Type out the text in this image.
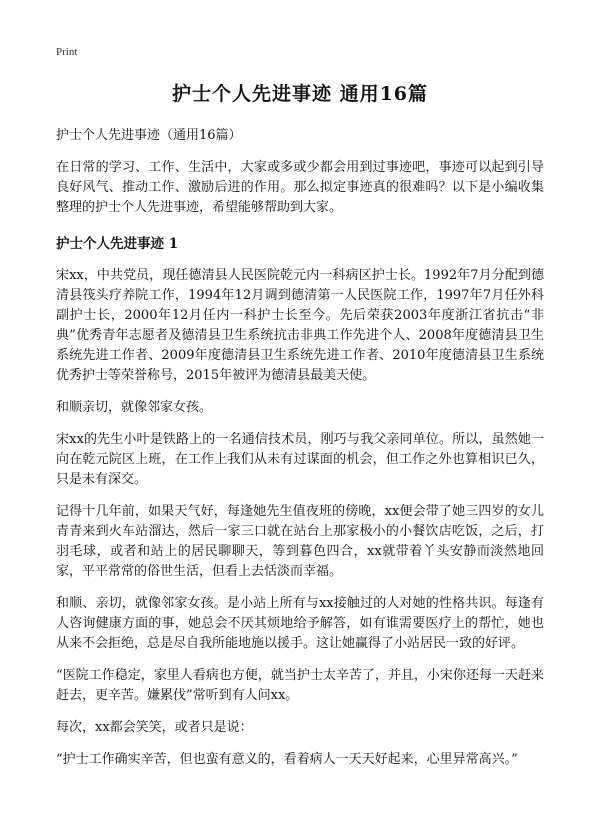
Print
护士个人先进事迹 通用16篇
护士个人先进事迹（通用16篇）

在日常的学习、工作、生活中，大家或多或少都会用到过事迹吧，事迹可以起到引导良好风气、推动工作、激励后进的作用。那么拟定事迹真的很难吗？以下是小编收集整理的护士个人先进事迹，希望能够帮助到大家。

护士个人先进事迹 1

宋xx，中共党员，现任德清县人民医院乾元内一科病区护士长。1992年7月分配到德清县筏头疗养院工作，1994年12月调到德清第一人民医院工作，1997年7月任外科副护士长，2000年12月任内一科护士长至今。先后荣获2003年度浙江省抗击“非典”优秀青年志愿者及德清县卫生系统抗击非典工作先进个人、2008年度德清县卫生系统先进工作者、2009年度德清县卫生系统先进工作者、2010年度德清县卫生系统优秀护士等荣誉称号，2015年被评为德清县最美天使。

和顺亲切，就像邻家女孩。

宋xx的先生小叶是铁路上的一名通信技术员，刚巧与我父亲同单位。所以，虽然她一向在乾元院区上班，在工作上我们从未有过谋面的机会，但工作之外也算相识已久，只是未有深交。

记得十几年前，如果天气好，每逢她先生值夜班的傍晚，xx便会带了她三四岁的女儿青青来到火车站溜达，然后一家三口就在站台上那家极小的小餐饮店吃饭，之后，打羽毛球，或者和站上的居民聊聊天，等到暮色四合，xx就带着丫头安静而淡然地回家，平平常常的俗世生活，但看上去恬淡而幸福。

和顺、亲切，就像邻家女孩。是小站上所有与xx接触过的人对她的性格共识。每逢有人咨询健康方面的事，她总会不厌其烦地给予解答，如有谁需要医疗上的帮忙，她也从来不会拒绝，总是尽自我所能地施以援手。这让她赢得了小站居民一致的好评。

“医院工作稳定，家里人看病也方便，就当护士太辛苦了，并且，小宋你还每一天赶来赶去，更辛苦。嫌累伐”常听到有人问xx。

每次，xx都会笑笑，或者只是说：

“护士工作确实辛苦，但也蛮有意义的，看着病人一天天好起来，心里异常高兴。”
